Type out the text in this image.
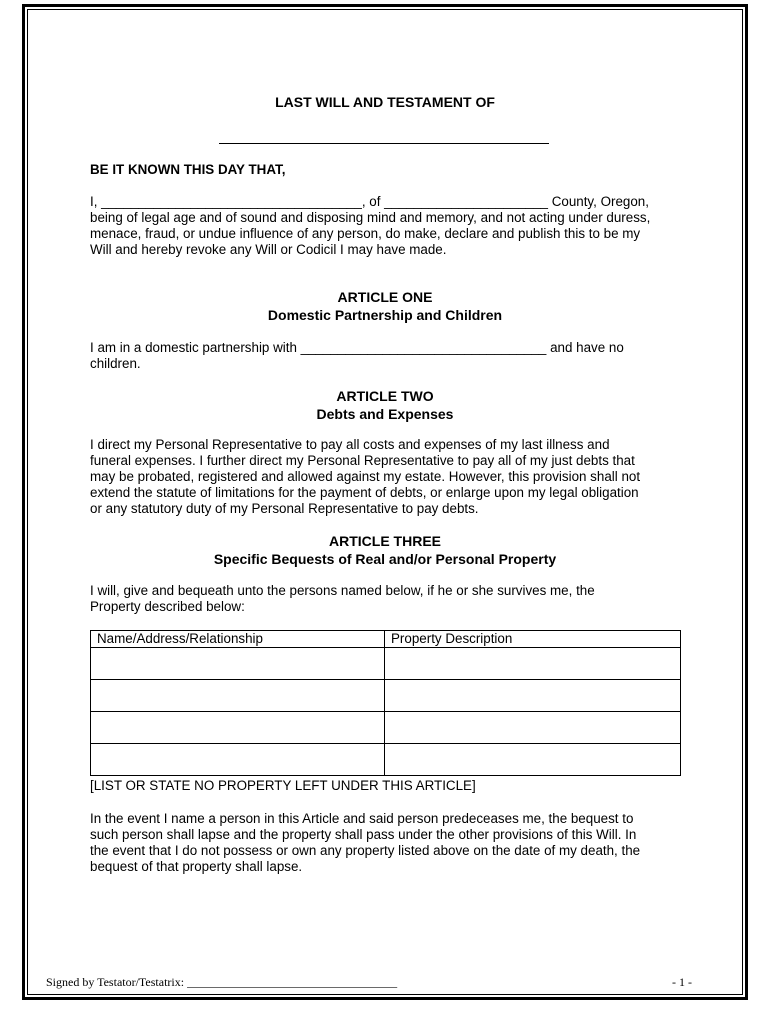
LAST WILL AND TESTAMENT OF
BE IT KNOWN THIS DAY THAT,
I, ___________________________________, of ______________________ County, Oregon,
being of legal age and of sound and disposing mind and memory, and not acting under duress,
menace, fraud, or undue influence of any person, do make, declare and publish this to be my
Will and hereby revoke any Will or Codicil I may have made.
ARTICLE ONE
Domestic Partnership and Children
I am in a domestic partnership with _________________________________ and have no
children.
ARTICLE TWO
Debts and Expenses
I direct my Personal Representative to pay all costs and expenses of my last illness and
funeral expenses. I further direct my Personal Representative to pay all of my just debts that
may be probated, registered and allowed against my estate. However, this provision shall not
extend the statute of limitations for the payment of debts, or enlarge upon my legal obligation
or any statutory duty of my Personal Representative to pay debts.
ARTICLE THREE
Specific Bequests of Real and/or Personal Property
I will, give and bequeath unto the persons named below, if he or she survives me, the
Property described below:
Name/Address/Relationship	Property Description

[LIST OR STATE NO PROPERTY LEFT UNDER THIS ARTICLE]
In the event I name a person in this Article and said person predeceases me, the bequest to
such person shall lapse and the property shall pass under the other provisions of this Will. In
the event that I do not possess or own any property listed above on the date of my death, the
bequest of that property shall lapse.
Signed by Testator/Testatrix: ___________________________________	- 1 -
